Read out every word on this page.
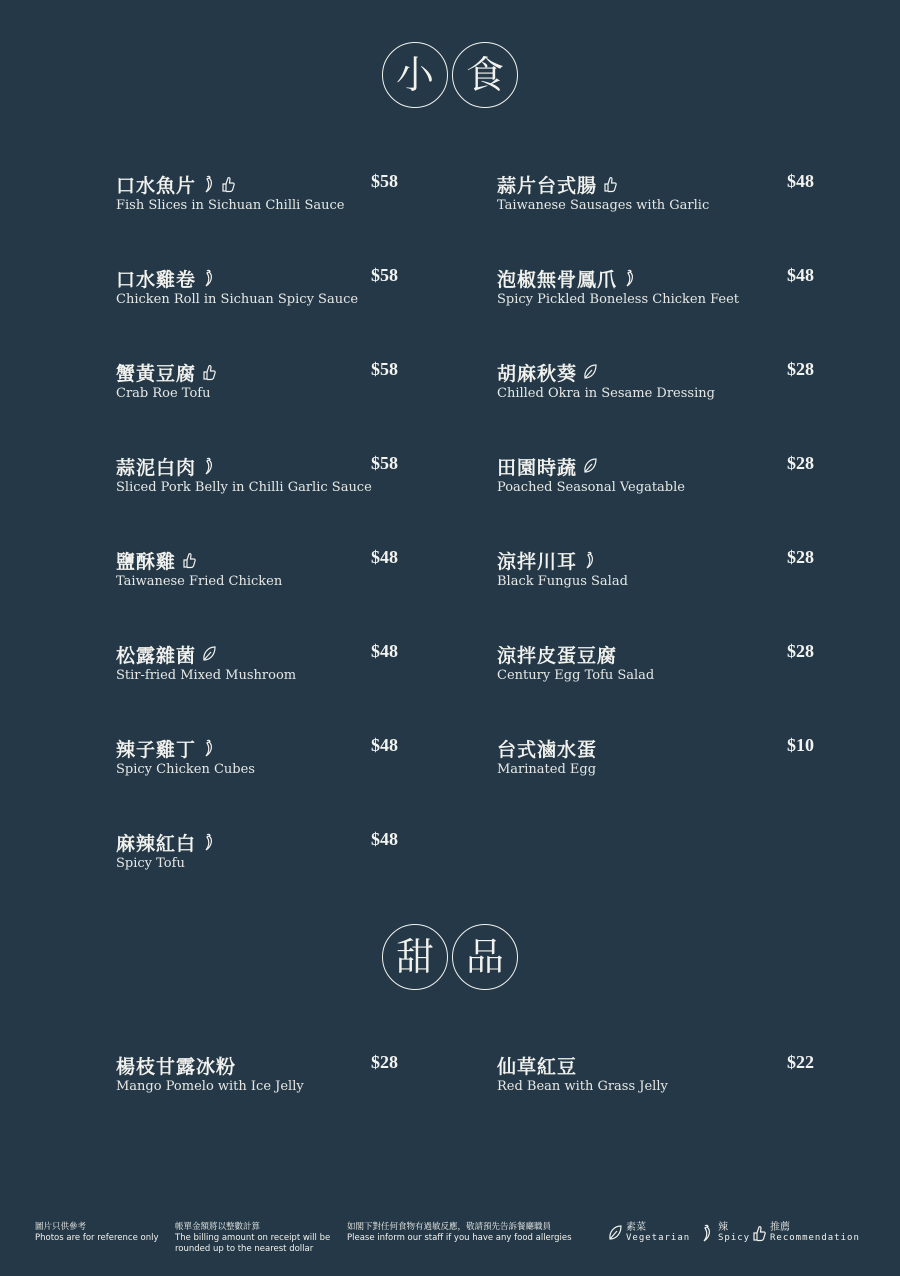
小 食
口水魚片
Fish Slices in Sichuan Chilli Sauce
$58
口水雞卷
Chicken Roll in Sichuan Spicy Sauce
$58
蟹黃豆腐
Crab Roe Tofu
$58
蒜泥白肉
Sliced Pork Belly in Chilli Garlic Sauce
$58
鹽酥雞
Taiwanese Fried Chicken
$48
松露雜菌
Stir-fried Mixed Mushroom
$48
辣子雞丁
Spicy Chicken Cubes
$48
麻辣紅白
Spicy Tofu
$48
蒜片台式腸
Taiwanese Sausages with Garlic
$48
泡椒無骨鳳爪
Spicy Pickled Boneless Chicken Feet
$48
胡麻秋葵
Chilled Okra in Sesame Dressing
$28
田園時蔬
Poached Seasonal Vegatable
$28
涼拌川耳
Black Fungus Salad
$28
涼拌皮蛋豆腐
Century Egg Tofu Salad
$28
台式滷水蛋
Marinated Egg
$10
甜 品
楊枝甘露冰粉
Mango Pomelo with Ice Jelly
$28	仙草紅豆
Red Bean with Grass Jelly
$22
圖片只供參考
Photos are for reference only
帳單金額將以整數計算
The billing amount on receipt will be
rounded up to the nearest dollar
如閣下對任何食物有過敏反應，敬請預先告訴餐廳職員
Please inform our staff if you have any food allergies
素菜
Vegetarian
辣
Spicy
推薦
Recommendation
